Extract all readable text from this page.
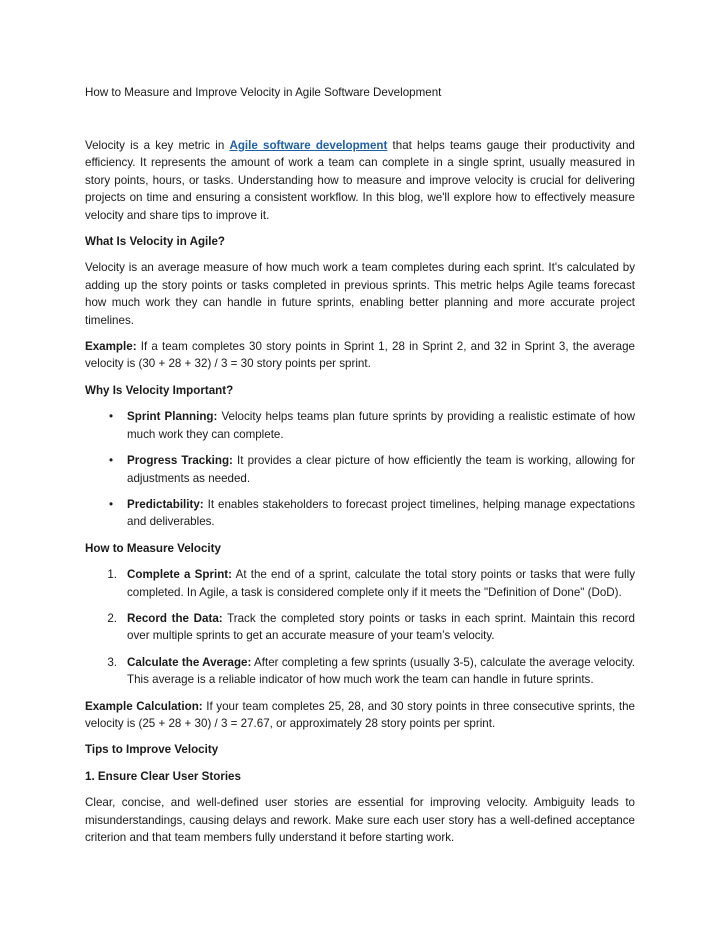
How to Measure and Improve Velocity in Agile Software Development

Velocity is a key metric in Agile software development that helps teams gauge their productivity and efficiency. It represents the amount of work a team can complete in a single sprint, usually measured in story points, hours, or tasks. Understanding how to measure and improve velocity is crucial for delivering projects on time and ensuring a consistent workflow. In this blog, we'll explore how to effectively measure velocity and share tips to improve it.

What Is Velocity in Agile?

Velocity is an average measure of how much work a team completes during each sprint. It's calculated by adding up the story points or tasks completed in previous sprints. This metric helps Agile teams forecast how much work they can handle in future sprints, enabling better planning and more accurate project timelines.

Example: If a team completes 30 story points in Sprint 1, 28 in Sprint 2, and 32 in Sprint 3, the average velocity is (30 + 28 + 32) / 3 = 30 story points per sprint.

Why Is Velocity Important?

•	Sprint Planning: Velocity helps teams plan future sprints by providing a realistic estimate of how much work they can complete.
•	Progress Tracking: It provides a clear picture of how efficiently the team is working, allowing for adjustments as needed.
•	Predictability: It enables stakeholders to forecast project timelines, helping manage expectations and deliverables.

How to Measure Velocity

1. Complete a Sprint: At the end of a sprint, calculate the total story points or tasks that were fully completed. In Agile, a task is considered complete only if it meets the "Definition of Done" (DoD).
2. Record the Data: Track the completed story points or tasks in each sprint. Maintain this record over multiple sprints to get an accurate measure of your team’s velocity.
3. Calculate the Average: After completing a few sprints (usually 3-5), calculate the average velocity. This average is a reliable indicator of how much work the team can handle in future sprints.

Example Calculation: If your team completes 25, 28, and 30 story points in three consecutive sprints, the velocity is (25 + 28 + 30) / 3 = 27.67, or approximately 28 story points per sprint.

Tips to Improve Velocity

1. Ensure Clear User Stories

Clear, concise, and well-defined user stories are essential for improving velocity. Ambiguity leads to misunderstandings, causing delays and rework. Make sure each user story has a well-defined acceptance criterion and that team members fully understand it before starting work.
